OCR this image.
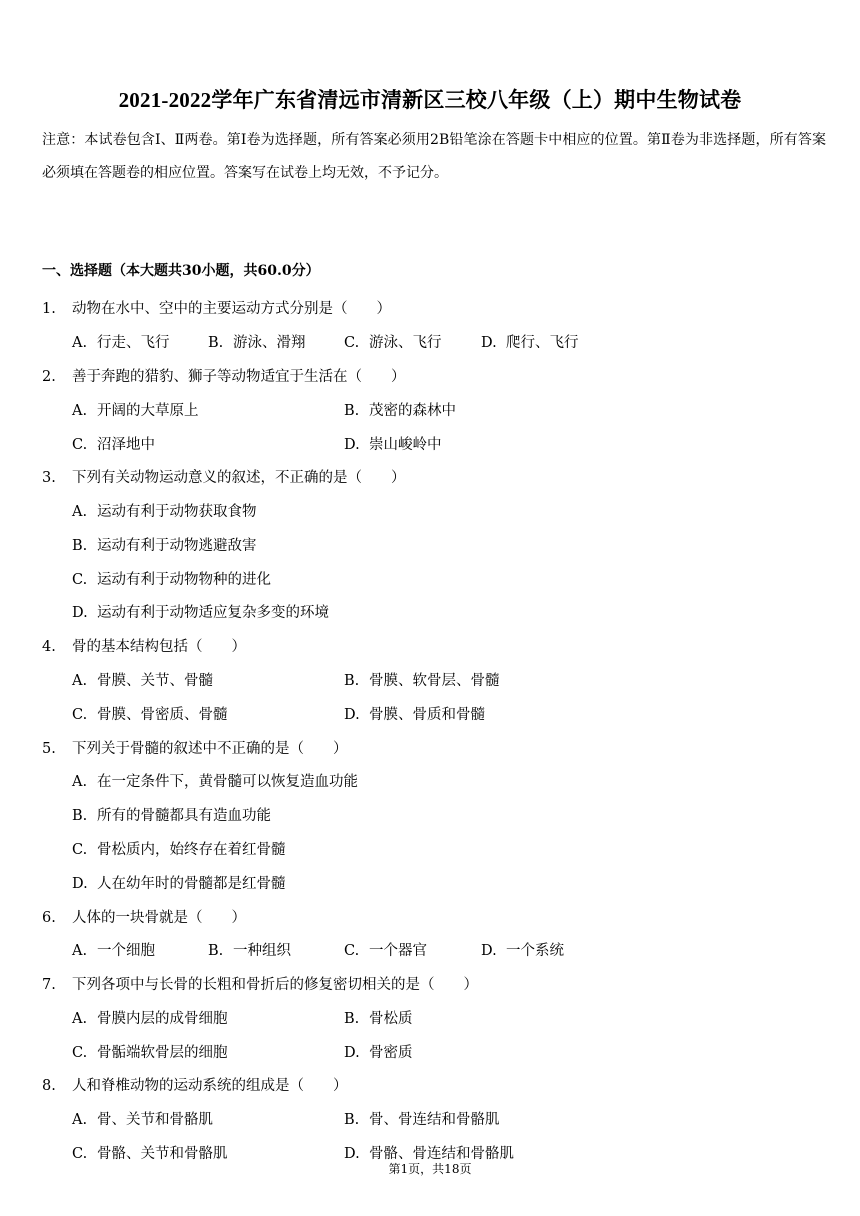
2021-2022学年广东省清远市清新区三校八年级（上）期中生物试卷
注意：本试卷包含Ⅰ、Ⅱ两卷。第Ⅰ卷为选择题，所有答案必须用2B铅笔涂在答题卡中相应的位置。第Ⅱ卷为非选择题，所有答案必须填在答题卷的相应位置。答案写在试卷上均无效，不予记分。
一、选择题（本大题共30小题，共60.0分）
1. 动物在水中、空中的主要运动方式分别是（　　）
A. 行走、飞行	B. 游泳、滑翔	C. 游泳、飞行	D. 爬行、飞行
2. 善于奔跑的猎豹、狮子等动物适宜于生活在（　　）
A. 开阔的大草原上	B. 茂密的森林中
C. 沼泽地中	D. 崇山峻岭中
3. 下列有关动物运动意义的叙述，不正确的是（　　）
A. 运动有利于动物获取食物
B. 运动有利于动物逃避敌害
C. 运动有利于动物物种的进化
D. 运动有利于动物适应复杂多变的环境
4. 骨的基本结构包括（　　）
A. 骨膜、关节、骨髓	B. 骨膜、软骨层、骨髓
C. 骨膜、骨密质、骨髓	D. 骨膜、骨质和骨髓
5. 下列关于骨髓的叙述中不正确的是（　　）
A. 在一定条件下，黄骨髓可以恢复造血功能
B. 所有的骨髓都具有造血功能
C. 骨松质内，始终存在着红骨髓
D. 人在幼年时的骨髓都是红骨髓
6. 人体的一块骨就是（　　）
A. 一个细胞	B. 一种组织	C. 一个器官	D. 一个系统
7. 下列各项中与长骨的长粗和骨折后的修复密切相关的是（　　）
A. 骨膜内层的成骨细胞	B. 骨松质
C. 骨骺端软骨层的细胞	D. 骨密质
8. 人和脊椎动物的运动系统的组成是（　　）
A. 骨、关节和骨骼肌	B. 骨、骨连结和骨骼肌
C. 骨骼、关节和骨骼肌	D. 骨骼、骨连结和骨骼肌
第1页，共18页
